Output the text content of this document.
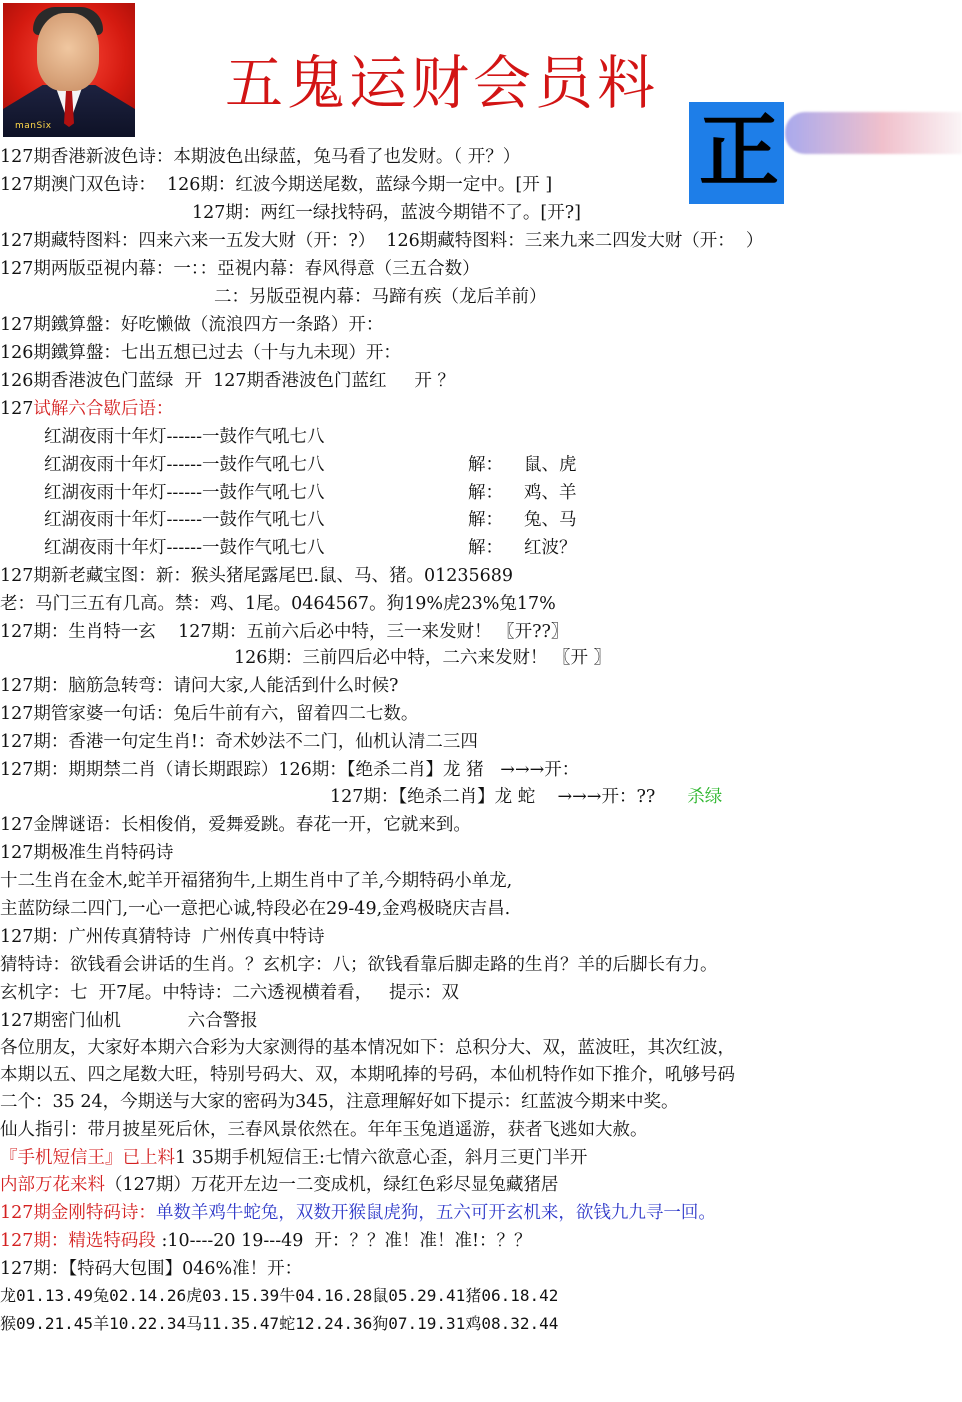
manSix
五鬼运财会员料
正
127期香港新波色诗：本期波色出绿蓝，兔马看了也发财。（ 开？）
127期澳门双色诗：  126期：红波今期送尾数，蓝绿今期一定中。[开 ]
127期：两红一绿找特码，蓝波今期错不了。[开?]
127期藏特图料：四来六来一五发大财（开：?）  126期藏特图料：三来九来二四发大财（开：  ）
127期两版亞視内幕：一：：亞視内幕：春风得意（三五合数）
二：另版亞視内幕：马蹄有疾（龙后羊前）
127期鐵算盤：好吃懒做（流浪四方一条路）开：
126期鐵算盤：七出五想已过去（十与九未现）开：
126期香港波色门蓝绿  开  127期香港波色门蓝红     开 ？
127试解六合歇后语：
红湖夜雨十年灯------一鼓作气吼七八
红湖夜雨十年灯------一鼓作气吼七八	解： 鼠、虎
红湖夜雨十年灯------一鼓作气吼七八	解： 鸡、羊
红湖夜雨十年灯------一鼓作气吼七八	解： 兔、马
红湖夜雨十年灯------一鼓作气吼七八	解： 红波？
127期新老藏宝图：新：猴头猪尾露尾巴.鼠、马、猪。01235689
老：马门三五有几高。禁：鸡、1尾。0464567。狗19%虎23%兔17%
127期：生肖特一玄    127期：五前六后必中特，三一来发财！ 〖开??〗
126期：三前四后必中特，二六来发财！ 〖开 〗
127期：脑筋急转弯：请问大家,人能活到什么时候?
127期管家婆一句话：兔后牛前有六，留着四二七数。
127期：香港一句定生肖!：奇术妙法不二门，仙机认清二三四
127期：期期禁二肖（请长期跟踪）126期：【绝杀二肖】龙 猪   →→→开：
127期：【绝杀二肖】龙 蛇    →→→开：?? 杀绿
127金牌谜语：长相俊俏，爱舞爱跳。春花一开，它就来到。
127期极准生肖特码诗
十二生肖在金木,蛇羊开福猪狗牛,上期生肖中了羊,今期特码小单龙,
主蓝防绿二四门,一心一意把心诚,特段必在29-49,金鸡极晓庆吉昌.
127期：广州传真猜特诗  广州传真中特诗
猜特诗：欲钱看会讲话的生肖。？玄机字：八；欲钱看靠后脚走路的生肖？羊的后脚长有力。
玄机字：七  开7尾。中特诗：二六透视横着看，   提示：双
127期密门仙机            六合警报
各位朋友，大家好本期六合彩为大家测得的基本情况如下：总积分大、双，蓝波旺，其次红波，
本期以五、四之尾数大旺，特别号码大、双，本期吼捧的号码，本仙机特作如下推介，吼够号码
二个：35 24，今期送与大家的密码为345，注意理解好如下提示：红蓝波今期来中奖。
仙人指引：带月披星死后休，三春风景依然在。年年玉兔逍遥游，获者飞逃如大赦。
『手机短信王』已上料1 35期手机短信王:七情六欲意心歪，斜月三更门半开
内部万花来料（127期）万花开左边一二变成机，绿红色彩尽显兔藏猪居
127期金刚特码诗：单数羊鸡牛蛇兔，双数开猴鼠虎狗，五六可开玄机来，欲钱九九寻一回。
127期：精选特码段 :10----20 19---49  开：？？准！准！准!：？？
127期：【特码大包围】046%准！开：
龙01.13.49兔02.14.26虎03.15.39牛04.16.28鼠05.29.41猪06.18.42
猴09.21.45羊10.22.34马11.35.47蛇12.24.36狗07.19.31鸡08.32.44
